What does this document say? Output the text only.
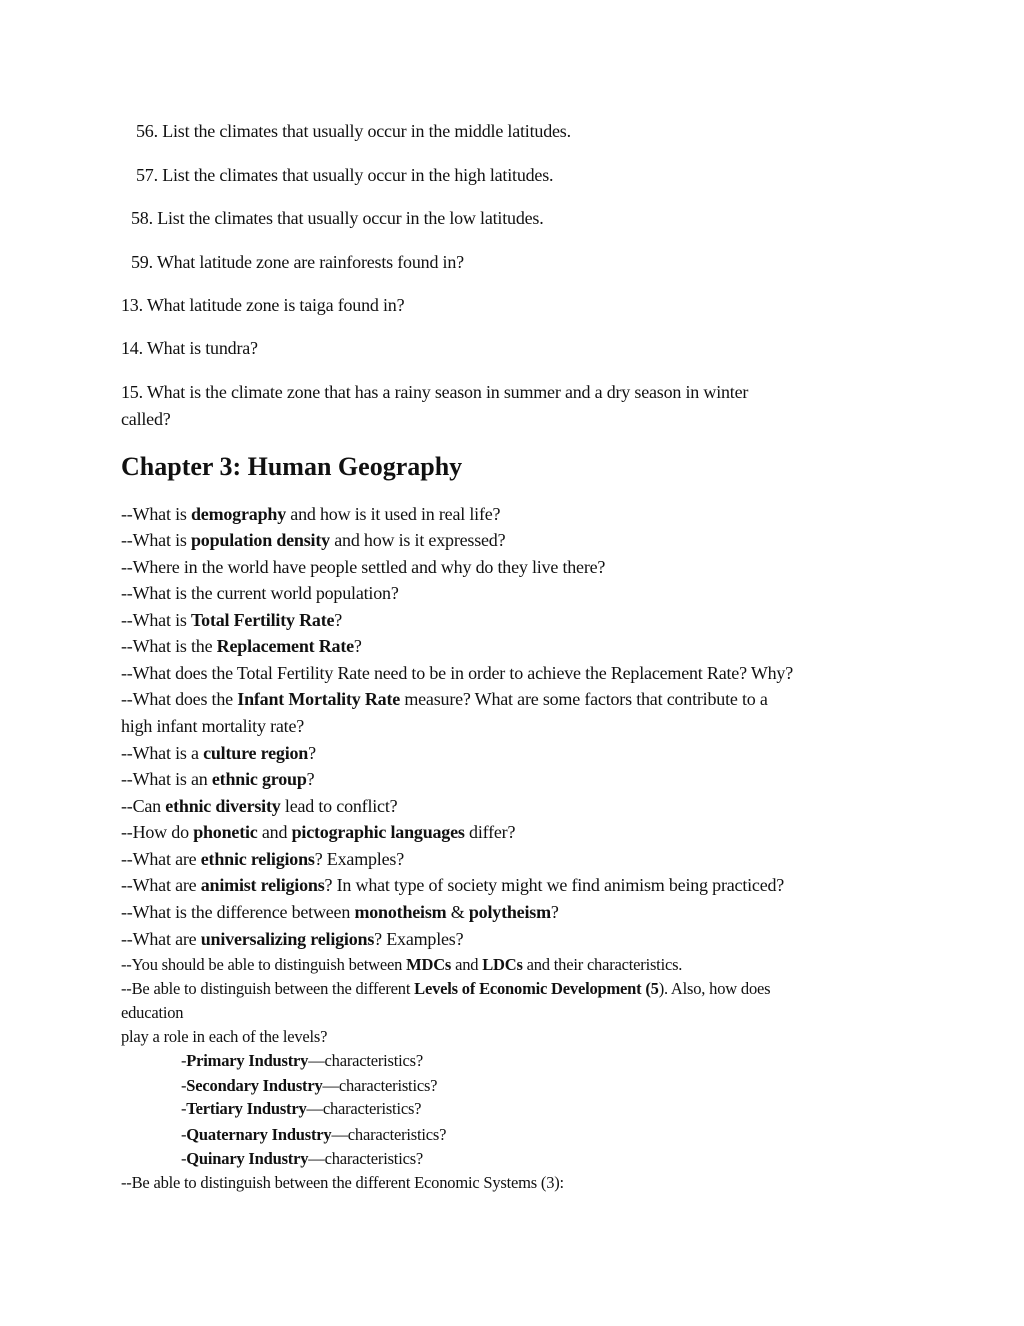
56. List the climates that usually occur in the middle latitudes.
57. List the climates that usually occur in the high latitudes.
58. List the climates that usually occur in the low latitudes.
59. What latitude zone are rainforests found in?
13. What latitude zone is taiga found in?
14. What is tundra?
15. What is the climate zone that has a rainy season in summer and a dry season in winter
called?
Chapter 3: Human Geography
--What is demography and how is it used in real life?
--What is population density and how is it expressed?
--Where in the world have people settled and why do they live there?
--What is the current world population?
--What is Total Fertility Rate?
--What is the Replacement Rate?
--What does the Total Fertility Rate need to be in order to achieve the Replacement Rate? Why?
--What does the Infant Mortality Rate measure? What are some factors that contribute to a
high infant mortality rate?
--What is a culture region?
--What is an ethnic group?
--Can ethnic diversity lead to conflict?
--How do phonetic and pictographic languages differ?
--What are ethnic religions? Examples?
--What are animist religions? In what type of society might we find animism being practiced?
--What is the difference between monotheism & polytheism?
--What are universalizing religions? Examples?
--You should be able to distinguish between MDCs and LDCs and their characteristics.
--Be able to distinguish between the different Levels of Economic Development (5). Also, how does
education
play a role in each of the levels?
-Primary Industry—characteristics?
-Secondary Industry—characteristics?
-Tertiary Industry—characteristics?
-Quaternary Industry—characteristics?
-Quinary Industry—characteristics?
--Be able to distinguish between the different Economic Systems (3):
